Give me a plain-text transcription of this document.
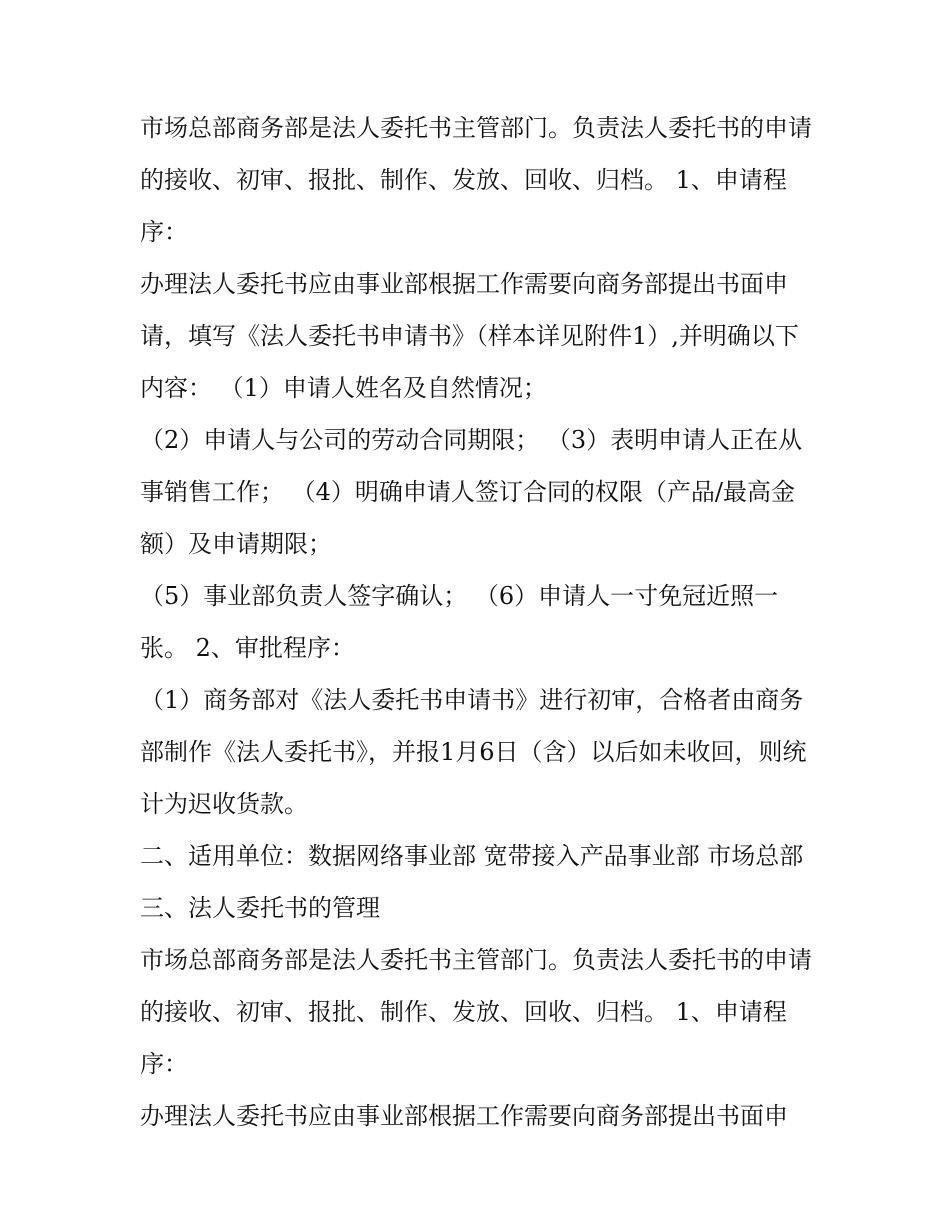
市场总部商务部是法人委托书主管部门。负责法人委托书的申请的接收、初审、报批、制作、发放、回收、归档。 1、申请程序：

办理法人委托书应由事业部根据工作需要向商务部提出书面申请，填写《法人委托书申请书》（样本详见附件1）,并明确以下内容： （1）申请人姓名及自然情况；

（2）申请人与公司的劳动合同期限； （3）表明申请人正在从事销售工作； （4）明确申请人签订合同的权限（产品/最高金额）及申请期限；

（5）事业部负责人签字确认； （6）申请人一寸免冠近照一张。 2、审批程序：

（1）商务部对《法人委托书申请书》进行初审，合格者由商务部制作《法人委托书》，并报1月6日（含）以后如未收回，则统计为迟收货款。

二、适用单位：数据网络事业部 宽带接入产品事业部 市场总部 三、法人委托书的管理

市场总部商务部是法人委托书主管部门。负责法人委托书的申请的接收、初审、报批、制作、发放、回收、归档。 1、申请程序：

办理法人委托书应由事业部根据工作需要向商务部提出书面申
